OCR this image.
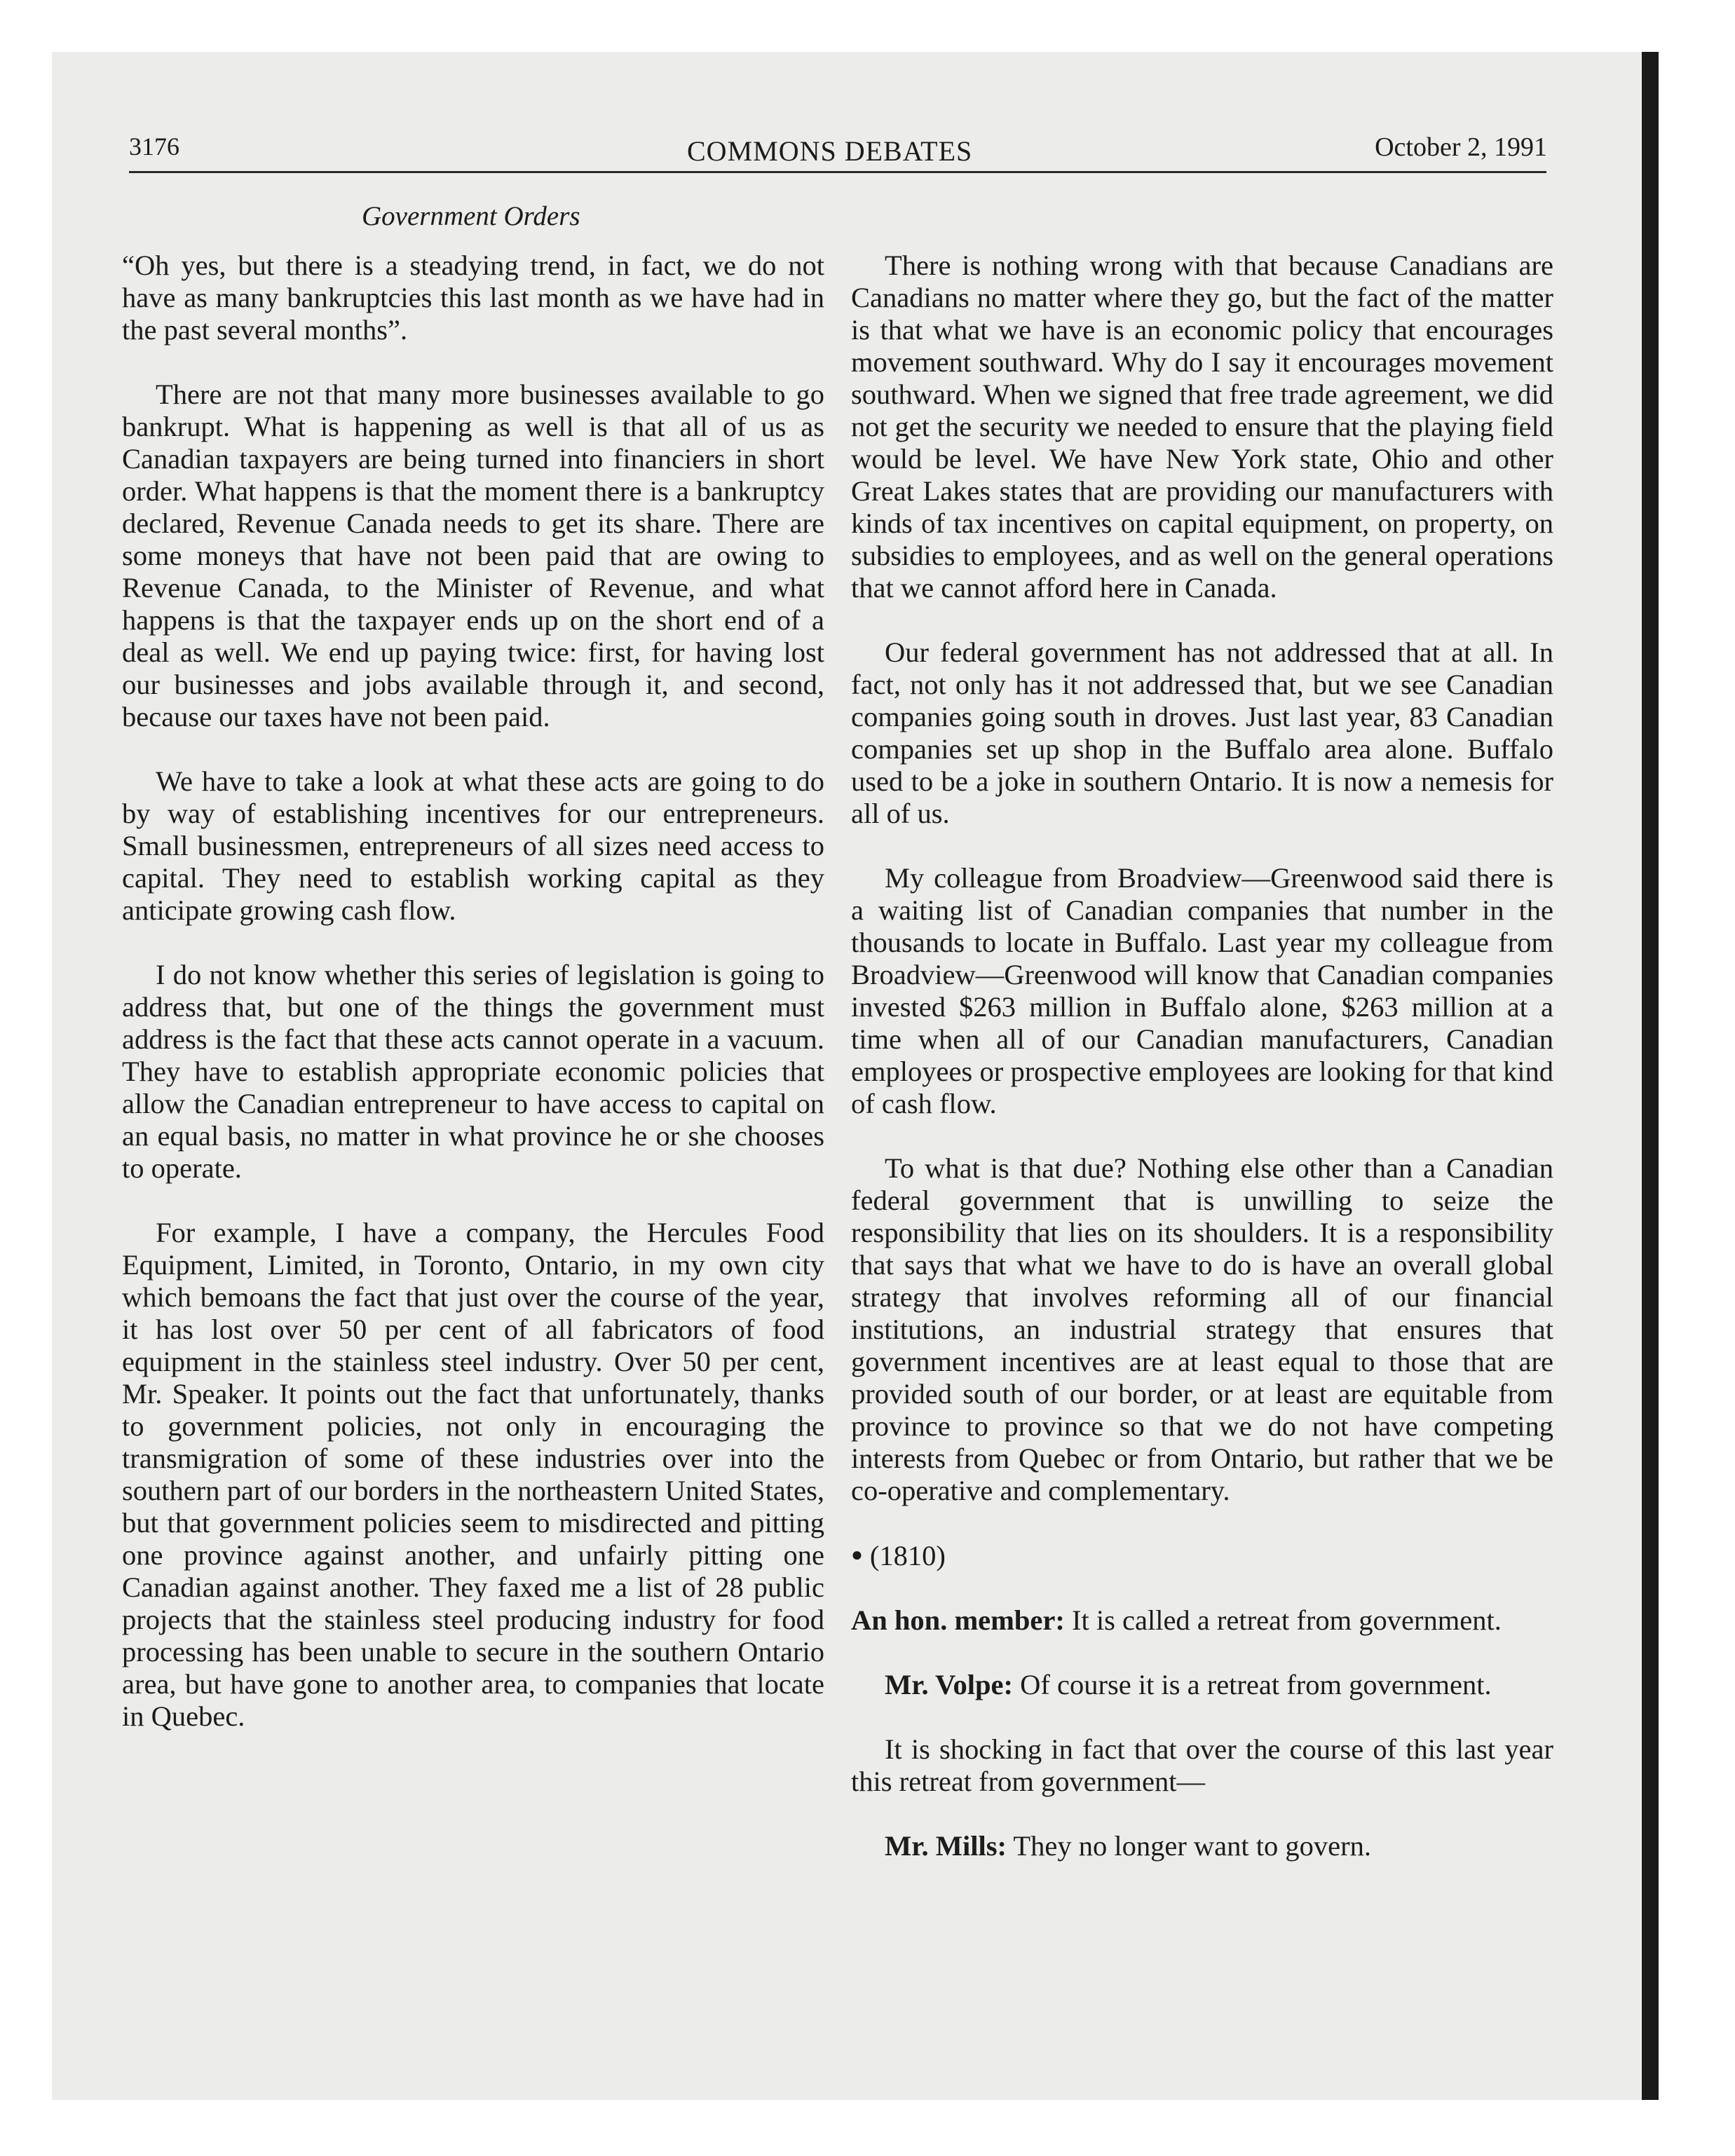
3176	COMMONS DEBATES	October 2, 1991
Government Orders

“Oh yes, but there is a steadying trend, in fact, we do not have as many bankruptcies this last month as we have had in the past several months”.

There are not that many more businesses available to go bankrupt. What is happening as well is that all of us as Canadian taxpayers are being turned into financiers in short order. What happens is that the moment there is a bankruptcy declared, Revenue Canada needs to get its share. There are some moneys that have not been paid that are owing to Revenue Canada, to the Minister of Revenue, and what happens is that the taxpayer ends up on the short end of a deal as well. We end up paying twice: first, for having lost our businesses and jobs available through it, and second, because our taxes have not been paid.

We have to take a look at what these acts are going to do by way of establishing incentives for our entrepreneurs. Small businessmen, entrepreneurs of all sizes need access to capital. They need to establish working capital as they anticipate growing cash flow.

I do not know whether this series of legislation is going to address that, but one of the things the government must address is the fact that these acts cannot operate in a vacuum. They have to establish appropriate economic policies that allow the Canadian entrepreneur to have access to capital on an equal basis, no matter in what province he or she chooses to operate.

For example, I have a company, the Hercules Food Equipment, Limited, in Toronto, Ontario, in my own city which bemoans the fact that just over the course of the year, it has lost over 50 per cent of all fabricators of food equipment in the stainless steel industry. Over 50 per cent, Mr. Speaker. It points out the fact that unfortunately, thanks to government policies, not only in encouraging the transmigration of some of these industries over into the southern part of our borders in the northeastern United States, but that government policies seem to misdirected and pitting one province against another, and unfairly pitting one Canadian against another. They faxed me a list of 28 public projects that the stainless steel producing industry for food processing has been unable to secure in the southern Ontario area, but have gone to another area, to companies that locate in Quebec.

There is nothing wrong with that because Canadians are Canadians no matter where they go, but the fact of the matter is that what we have is an economic policy that encourages movement southward. Why do I say it encourages movement southward. When we signed that free trade agreement, we did not get the security we needed to ensure that the playing field would be level. We have New York state, Ohio and other Great Lakes states that are providing our manufacturers with kinds of tax incentives on capital equipment, on property, on subsidies to employees, and as well on the general operations that we cannot afford here in Canada.

Our federal government has not addressed that at all. In fact, not only has it not addressed that, but we see Canadian companies going south in droves. Just last year, 83 Canadian companies set up shop in the Buffalo area alone. Buffalo used to be a joke in southern Ontario. It is now a nemesis for all of us.

My colleague from Broadview—Greenwood said there is a waiting list of Canadian companies that number in the thousands to locate in Buffalo. Last year my colleague from Broadview—Greenwood will know that Canadian companies invested $263 million in Buffalo alone, $263 million at a time when all of our Canadian manufacturers, Canadian employees or prospective employees are looking for that kind of cash flow.

To what is that due? Nothing else other than a Canadian federal government that is unwilling to seize the responsibility that lies on its shoulders. It is a responsibility that says that what we have to do is have an overall global strategy that involves reforming all of our financial institutions, an industrial strategy that ensures that government incentives are at least equal to those that are provided south of our border, or at least are equitable from province to province so that we do not have competing interests from Quebec or from Ontario, but rather that we be co-operative and complementary.

● (1810)

An hon. member: It is called a retreat from government.

Mr. Volpe: Of course it is a retreat from government.

It is shocking in fact that over the course of this last year this retreat from government—

Mr. Mills: They no longer want to govern.
